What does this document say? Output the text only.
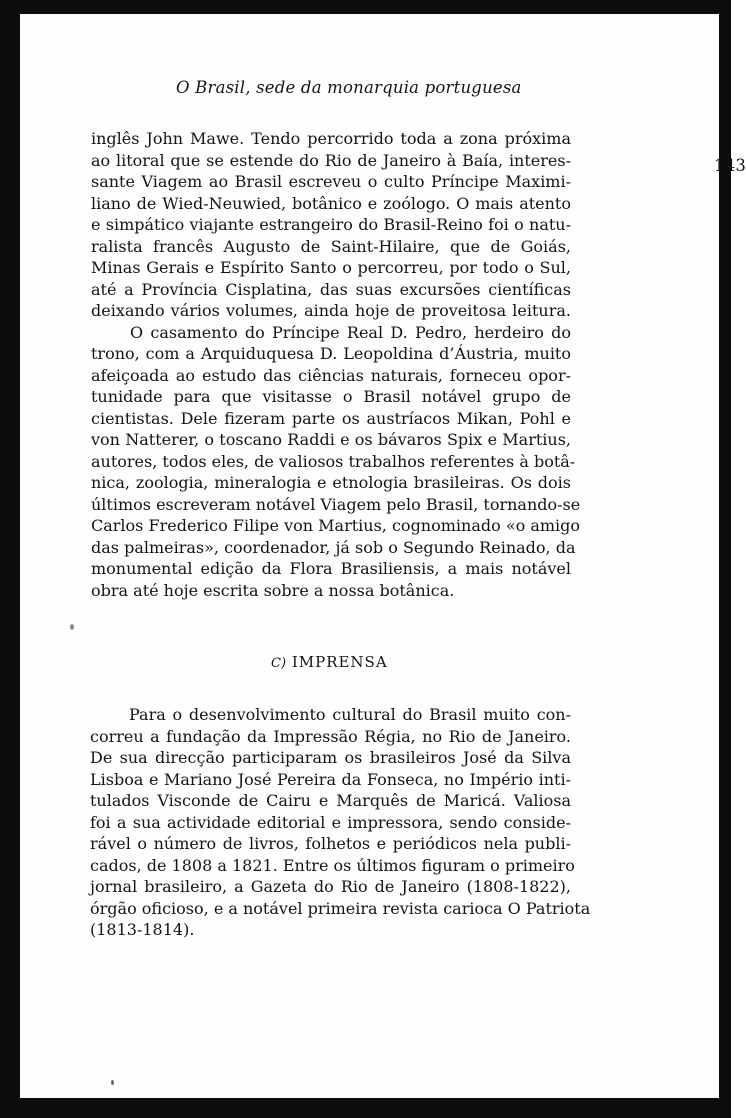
O Brasil, sede da monarquia portuguesa
143
inglês John Mawe. Tendo percorrido toda a zona próxima
ao litoral que se estende do Rio de Janeiro à Baía, interes-
sante Viagem ao Brasil escreveu o culto Príncipe Maximi-
liano de Wied-Neuwied, botânico e zoólogo. O mais atento
e simpático viajante estrangeiro do Brasil-Reino foi o natu-
ralista francês Augusto de Saint-Hilaire, que de Goiás,
Minas Gerais e Espírito Santo o percorreu, por todo o Sul,
até a Província Cisplatina, das suas excursões científicas
deixando vários volumes, ainda hoje de proveitosa leitura.
O casamento do Príncipe Real D. Pedro, herdeiro do
trono, com a Arquiduquesa D. Leopoldina d’Áustria, muito
afeiçoada ao estudo das ciências naturais, forneceu opor-
tunidade para que visitasse o Brasil notável grupo de
cientistas. Dele fizeram parte os austríacos Mikan, Pohl e
von Natterer, o toscano Raddi e os bávaros Spix e Martius,
autores, todos eles, de valiosos trabalhos referentes à botâ-
nica, zoologia, mineralogia e etnologia brasileiras. Os dois
últimos escreveram notável Viagem pelo Brasil, tornando-se
Carlos Frederico Filipe von Martius, cognominado «o amigo
das palmeiras», coordenador, já sob o Segundo Reinado, da
monumental edição da Flora Brasiliensis, a mais notável
obra até hoje escrita sobre a nossa botânica.
C) IMPRENSA
Para o desenvolvimento cultural do Brasil muito con-
correu a fundação da Impressão Régia, no Rio de Janeiro.
De sua direcção participaram os brasileiros José da Silva
Lisboa e Mariano José Pereira da Fonseca, no Império inti-
tulados Visconde de Cairu e Marquês de Maricá. Valiosa
foi a sua actividade editorial e impressora, sendo conside-
rável o número de livros, folhetos e periódicos nela publi-
cados, de 1808 a 1821. Entre os últimos figuram o primeiro
jornal brasileiro, a Gazeta do Rio de Janeiro (1808-1822),
órgão oficioso, e a notável primeira revista carioca O Patriota
(1813-1814).
